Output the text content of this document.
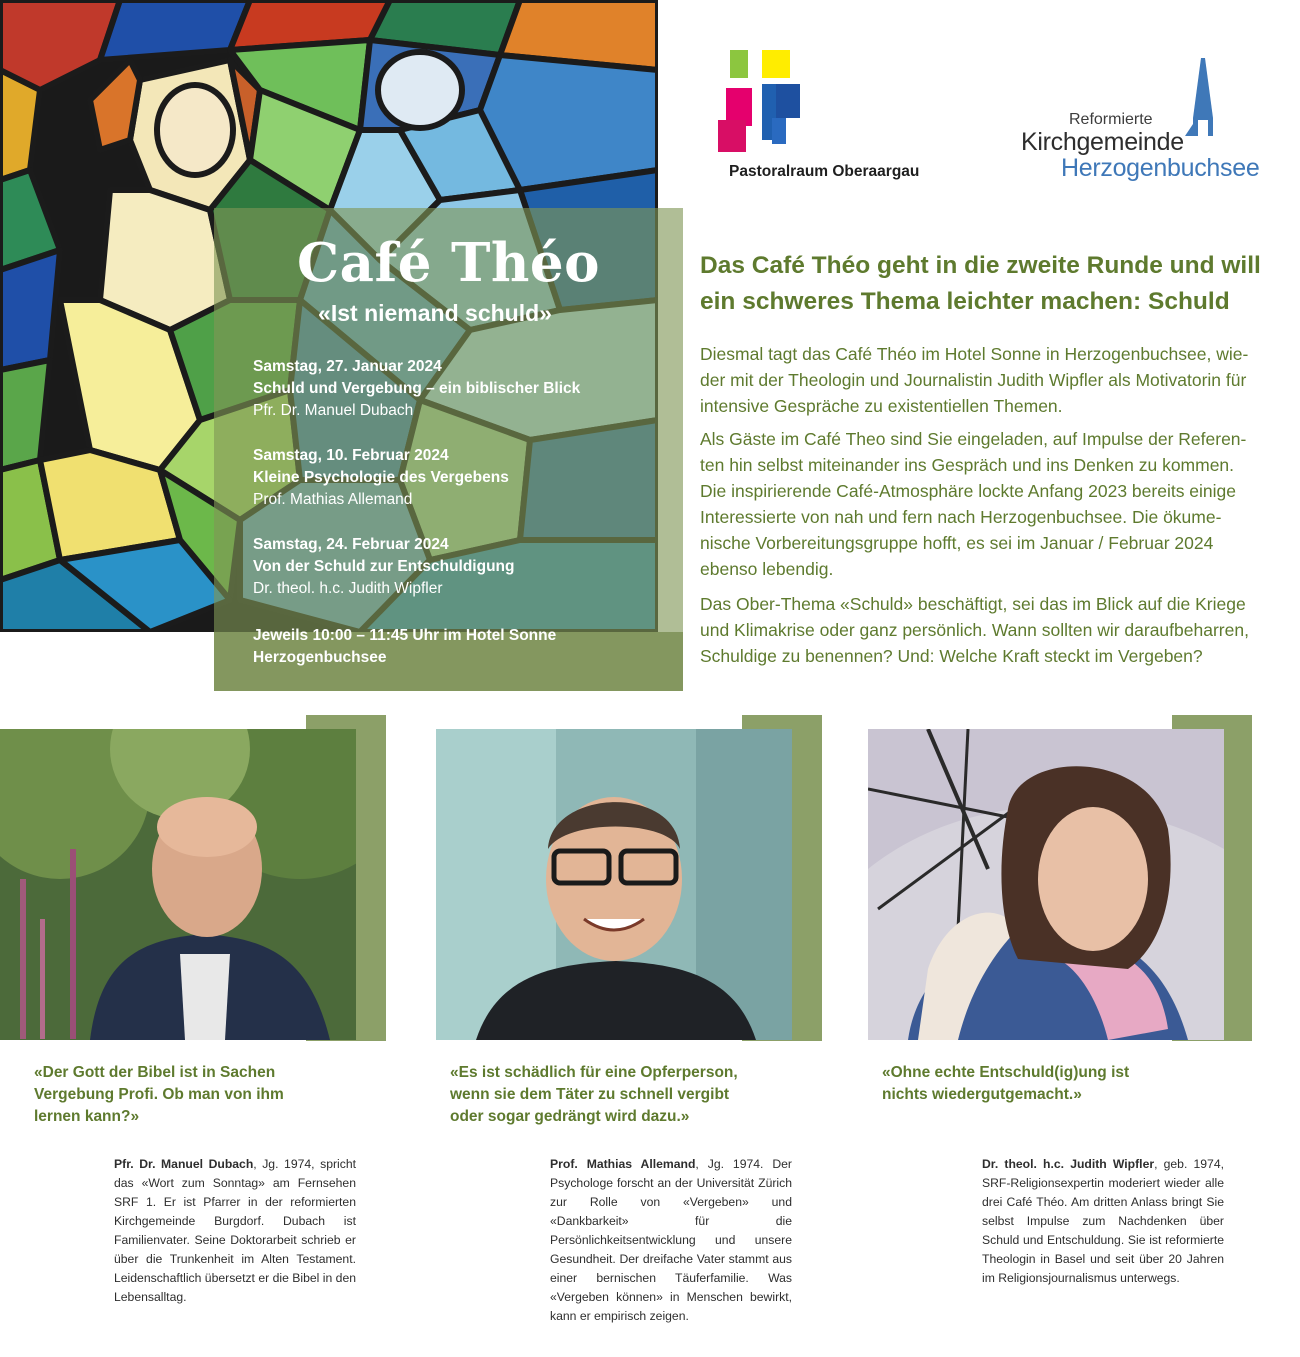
Café Théo
«Ist niemand schuld»
Samstag, 27. Januar 2024
Schuld und Vergebung – ein biblischer Blick
Pfr. Dr. Manuel Dubach
Samstag, 10. Februar 2024
Kleine Psychologie des Vergebens
Prof. Mathias Allemand
Samstag, 24. Februar 2024
Von der Schuld zur Entschuldigung
Dr. theol. h.c. Judith Wipfler
Jeweils 10:00 – 11:45 Uhr im Hotel Sonne
Herzogenbuchsee
Pastoralraum Oberaargau
Reformierte
Kirchgemeinde
Herzogenbuchsee
Das Café Théo geht in die zweite Runde und will
ein schweres Thema leichter machen: Schuld

Diesmal tagt das Café Théo im Hotel Sonne in Herzogenbuchsee, wie-
der mit der Theologin und Journalistin Judith Wipfler als Motivatorin für
intensive Gespräche zu existentiellen Themen.

Als Gäste im Café Theo sind Sie eingeladen, auf Impulse der Referen-
ten hin selbst miteinander ins Gespräch und ins Denken zu kommen.
Die inspirierende Café-Atmosphäre lockte Anfang 2023 bereits einige
Interessierte von nah und fern nach Herzogenbuchsee. Die ökume-
nische Vorbereitungsgruppe hofft, es sei im Januar / Februar 2024
ebenso lebendig.

Das Ober-Thema «Schuld» beschäftigt, sei das im Blick auf die Kriege
und Klimakrise oder ganz persönlich. Wann sollten wir daraufbeharren,
Schuldige zu benennen? Und: Welche Kraft steckt im Vergeben?

«Der Gott der Bibel ist in Sachen
Vergebung Profi. Ob man von ihm
lernen kann?»
Pfr. Dr. Manuel Dubach, Jg. 1974, spricht das «Wort zum Sonntag» am Fernsehen SRF 1. Er ist Pfarrer in der reformierten Kirchgemeinde Burgdorf. Dubach ist Familienvater. Seine Doktorarbeit schrieb er über die Trunkenheit im Alten Testament. Leidenschaftlich übersetzt er die Bibel in den Lebensalltag.
«Es ist schädlich für eine Opferperson,
wenn sie dem Täter zu schnell vergibt
oder sogar gedrängt wird dazu.»
Prof. Mathias Allemand, Jg. 1974. Der Psychologe forscht an der Universität Zürich zur Rolle von «Vergeben» und «Dankbarkeit» für die Persönlichkeitsentwicklung und unsere Gesundheit. Der dreifache Vater stammt aus einer bernischen Täuferfamilie. Was «Vergeben können» in Menschen bewirkt, kann er empirisch zeigen.
«Ohne echte Entschuld(ig)ung ist
nichts wiedergutgemacht.»
Dr. theol. h.c. Judith Wipfler, geb. 1974, SRF-Religionsexpertin moderiert wieder alle drei Café Théo. Am dritten Anlass bringt Sie selbst Impulse zum Nachdenken über Schuld und Entschuldung. Sie ist reformierte Theologin in Basel und seit über 20 Jahren im Religionsjournalismus unterwegs.
